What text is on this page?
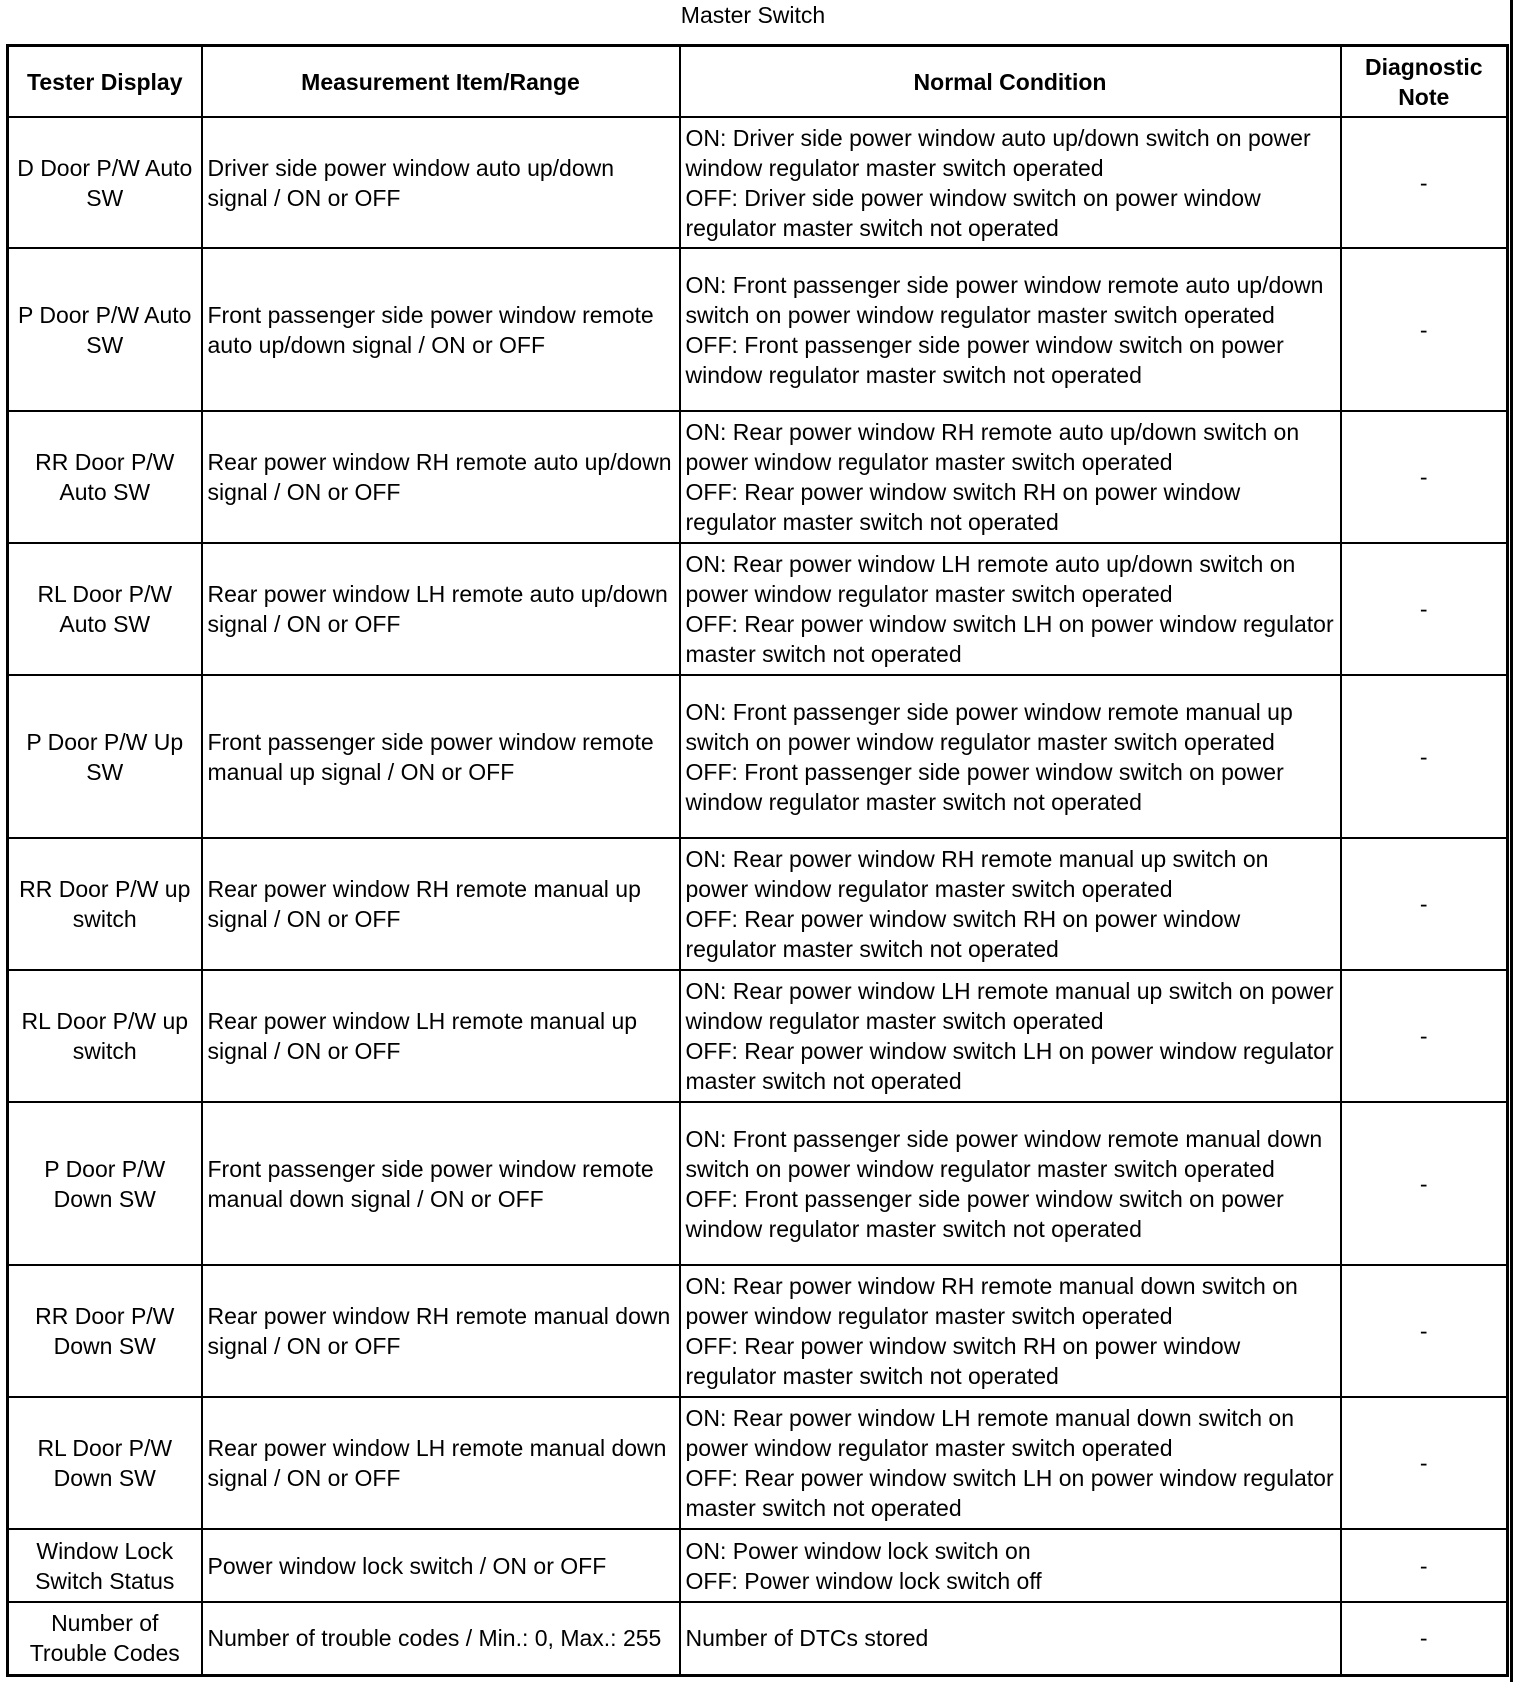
Master Switch
Tester Display	Measurement Item/Range	Normal Condition	Diagnostic Note
D Door P/W Auto SW	Driver side power window auto up/down signal / ON or OFF	ON: Driver side power window auto up/down switch on power window regulator master switch operated
OFF: Driver side power window switch on power window regulator master switch not operated	-
P Door P/W Auto SW	Front passenger side power window remote auto up/down signal / ON or OFF	ON: Front passenger side power window remote auto up/down switch on power window regulator master switch operated
OFF: Front passenger side power window switch on power window regulator master switch not operated	-
RR Door P/W Auto SW	Rear power window RH remote auto up/down signal / ON or OFF	ON: Rear power window RH remote auto up/down switch on power window regulator master switch operated
OFF: Rear power window switch RH on power window regulator master switch not operated	-
RL Door P/W Auto SW	Rear power window LH remote auto up/down signal / ON or OFF	ON: Rear power window LH remote auto up/down switch on power window regulator master switch operated
OFF: Rear power window switch LH on power window regulator master switch not operated	-
P Door P/W Up SW	Front passenger side power window remote manual up signal / ON or OFF	ON: Front passenger side power window remote manual up switch on power window regulator master switch operated
OFF: Front passenger side power window switch on power window regulator master switch not operated	-
RR Door P/W up switch	Rear power window RH remote manual up signal / ON or OFF	ON: Rear power window RH remote manual up switch on power window regulator master switch operated
OFF: Rear power window switch RH on power window regulator master switch not operated	-
RL Door P/W up switch	Rear power window LH remote manual up signal / ON or OFF	ON: Rear power window LH remote manual up switch on power window regulator master switch operated
OFF: Rear power window switch LH on power window regulator master switch not operated	-
P Door P/W Down SW	Front passenger side power window remote manual down signal / ON or OFF	ON: Front passenger side power window remote manual down switch on power window regulator master switch operated
OFF: Front passenger side power window switch on power window regulator master switch not operated	-
RR Door P/W Down SW	Rear power window RH remote manual down signal / ON or OFF	ON: Rear power window RH remote manual down switch on power window regulator master switch operated
OFF: Rear power window switch RH on power window regulator master switch not operated	-
RL Door P/W Down SW	Rear power window LH remote manual down signal / ON or OFF	ON: Rear power window LH remote manual down switch on power window regulator master switch operated
OFF: Rear power window switch LH on power window regulator master switch not operated	-
Window Lock Switch Status	Power window lock switch / ON or OFF	ON: Power window lock switch on
OFF: Power window lock switch off	-
Number of Trouble Codes	Number of trouble codes / Min.: 0, Max.: 255	Number of DTCs stored	-
